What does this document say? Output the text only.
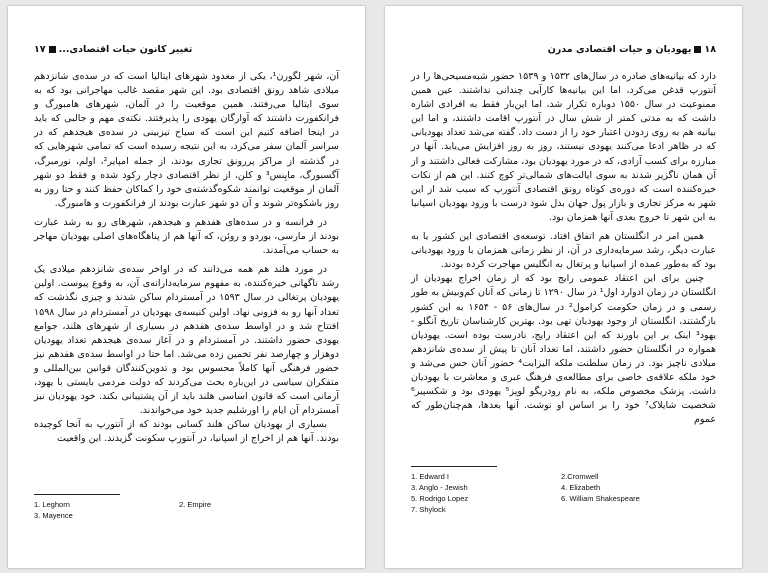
تغییر کانون حیات اقتصادی...۱۷

آن، شهر لگورن¹، یکی از معدود شهرهای ایتالیا است که در سده‌ی شانزدهم میلادی شاهد رونق اقتصادی بود. این شهر مقصد غالب مهاجرانی بود که به سوی ایتالیا می‌رفتند. همین موقعیت را در آلمان، شهرهای هامبورگ و فرانکفورت داشتند که آوارگان یهودی را پذیرفتند. نکته‌ی مهم و جالبی که باید در اینجا اضافه کنیم این است که سیاح تیزبینی در سده‌ی هیجدهم که در سراسر آلمان سفر می‌کرد، به این نتیجه رسیده است که تمامی شهرهایی که در گذشته از مراکز پررونق تجاری بودند، از جمله امپایر²، اولم، نورمبرگ، آگسبورگ، مایِنس³ و کلن، از نظر اقتصادی دچار رکود شده و فقط دو شهر آلمان از موقعیت توانمند شکوه‌گذشته‌ی خود را کماکان حفظ کنند و حتا روز به روز باشکوه‌تر شوند و آن دو شهر عبارت بودند از فرانکفورت و هامبورگ.

در فرانسه و در سده‌های هفدهم و هیجدهم، شهرهای رو به رشد عبارت بودند از مارسی، بوردو و روئن، که آنها هم از پناهگاه‌های اصلی یهودیان مهاجر به حساب می‌آمدند.

در مورد هلند هم همه می‌دانند که در اواخر سده‌ی شانزدهم میلادی یک رشد ناگهانی خیره‌کننده، به مفهوم سرمایه‌دارانه‌ی آن، به وقوع پیوست. اولین یهودیان پرتغالی در سال ۱۵۹۳ در آمستردام ساکن شدند و چیزی نگذشت که تعداد آنها رو به فزونی نهاد. اولین کنیسه‌ی یهودیان در آمستردام در سال ۱۵۹۸ افتتاح شد و در اواسط سده‌ی هفدهم در بسیاری از شهرهای هلند، جوامع یهودی حضور داشتند. در آمستردام و در آغاز سده‌ی هیجدهم تعداد یهودیان دوهزار و چهارصد نفر تخمین زده می‌شد. اما حتا در اواسط سده‌ی هفدهم نیز حضور فرهنگی آنها کاملاً محسوس بود و تدوین‌کنندگان قوانین بین‌المللی و متفکران سیاسی در این‌باره بحث می‌کردند که دولت مردمی بایستی با یهود، آرمانی است که قانون اساسی هلند باید از آن پشتیبانی بکند. خود یهودیان نیز آمستردام آن ایام را اورشلیم جدید خود می‌خواندند.

بسیاری از یهودیان ساکن هلند کسانی بودند که از آنتورپ به آنجا کوچیده بودند. آنها هم از اخراج از اسپانیا، در آنتورپ سکونت گزیدند. این واقعیت

1. Leghorn
3. Mayence
2. Empire
۱۸یهودیان و حیات اقتصادی مدرن

دارد که بیانیه‌های صادره در سال‌های ۱۵۳۲ و ۱۵۳۹ حضور شبه‌مسیحی‌ها را در آنتورپ قدغن می‌کرد، اما این بیانیه‌ها کارآیی چندانی نداشتند. عین همین ممنوعیت در سال ۱۵۵۰ دوباره تکرار شد، اما این‌بار فقط به افرادی اشاره داشت که به مدتی کمتر از شش سال در آنتورپ اقامت داشتند، و اما این بیانیه هم به روی زدودن اعتبار خود را از دست داد. گفته می‌شد تعداد یهودیانی که در ظاهر ادعا می‌کنند یهودی نیستند، روز به روز افزایش می‌یابد. آنها در مبارزه برای کسب آزادی، که در مورد یهودیان بود، مشارکت فعالی داشتند و از آن همان ناگزیر شدند به سوی ایالت‌های شمالی‌تر کوچ کنند. این هم از نکات خیره‌کننده است که دوره‌ی کوتاه رونق اقتصادی آنتورپ که سبب شد از این شهر به مرکز تجاری و بازار پول جهان بدل شود درست با ورود یهودیان اسپانیا به این شهر تا خروج بعدی آنها همزمان بود.

همین امر در انگلستان هم اتفاق افتاد. توسعه‌ی اقتصادی این کشور یا به عبارت دیگر، رشد سرمایه‌داری در آن، از نظر زمانی همزمان با ورود یهودیانی بود که به‌طور عمده از اسپانیا و پرتغال به انگلیس مهاجرت کرده بودند.

چنین برای این اعتقاد عمومی رایج بود که از زمان اخراج یهودیان از انگلستان در زمان ادوارد اول¹ در سال ۱۲۹۰ تا زمانی که آنان کم‌وبیش به طور رسمی و در زمان حکومت کرامول² در سال‌های ۵۶ - ۱۶۵۴ به این کشور بازگشتند، انگلستان از وجود یهودیان تهی بود. بهترین کارشناسان تاریخ آنگلو - یهود³ اینک بر این باورند که این اعتقاد رایج، نادرست بوده است. یهودیان همواره در انگلستان حضور داشتند، اما تعداد آنان تا پیش از سده‌ی شانزدهم میلادی ناچیز بود. در زمان سلطنت ملکه الیزابت⁴ حضور آنان حس می‌شد و خود ملکه علاقه‌ی خاصی برای مطالعه‌ی فرهنگ عبری و معاشرت با یهودیان داشت. پزشک مخصوص ملکه، به نام رودریگو لوپز⁵ یهودی بود و شکسپیر⁶ شخصیت شایلاک⁷ خود را بر اساس او نوشت. آنها بعدها، هم‌چنان‌طور که عموم

1. Edward I
3. Anglo - Jewish
5. Rodrigo Lopez
7. Shylock
2.Cromwell
4. Elizabeth
6. William Shakespeare
